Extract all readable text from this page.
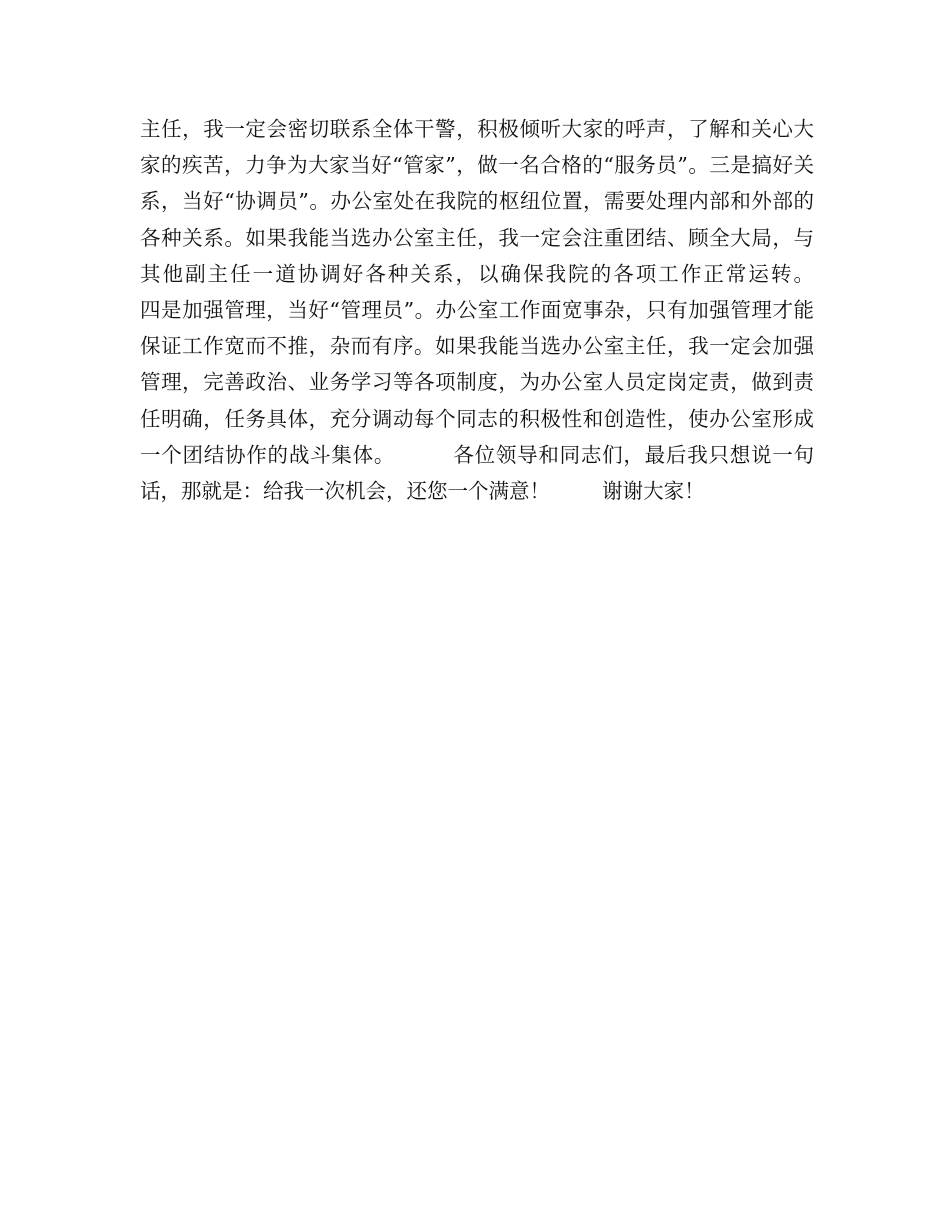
主任，我一定会密切联系全体干警，积极倾听大家的呼声，了解和关心大家的疾苦，力争为大家当好“管家”，做一名合格的“服务员”。三是搞好关系，当好“协调员”。办公室处在我院的枢纽位置，需要处理内部和外部的各种关系。如果我能当选办公室主任，我一定会注重团结、顾全大局，与其他副主任一道协调好各种关系，以确保我院的各项工作正常运转。        四是加强管理，当好“管理员”。办公室工作面宽事杂，只有加强管理才能保证工作宽而不推，杂而有序。如果我能当选办公室主任，我一定会加强管理，完善政治、业务学习等各项制度，为办公室人员定岗定责，做到责任明确，任务具体，充分调动每个同志的积极性和创造性，使办公室形成一个团结协作的战斗集体。        各位领导和同志们，最后我只想说一句话，那就是：给我一次机会，还您一个满意！        谢谢大家！
